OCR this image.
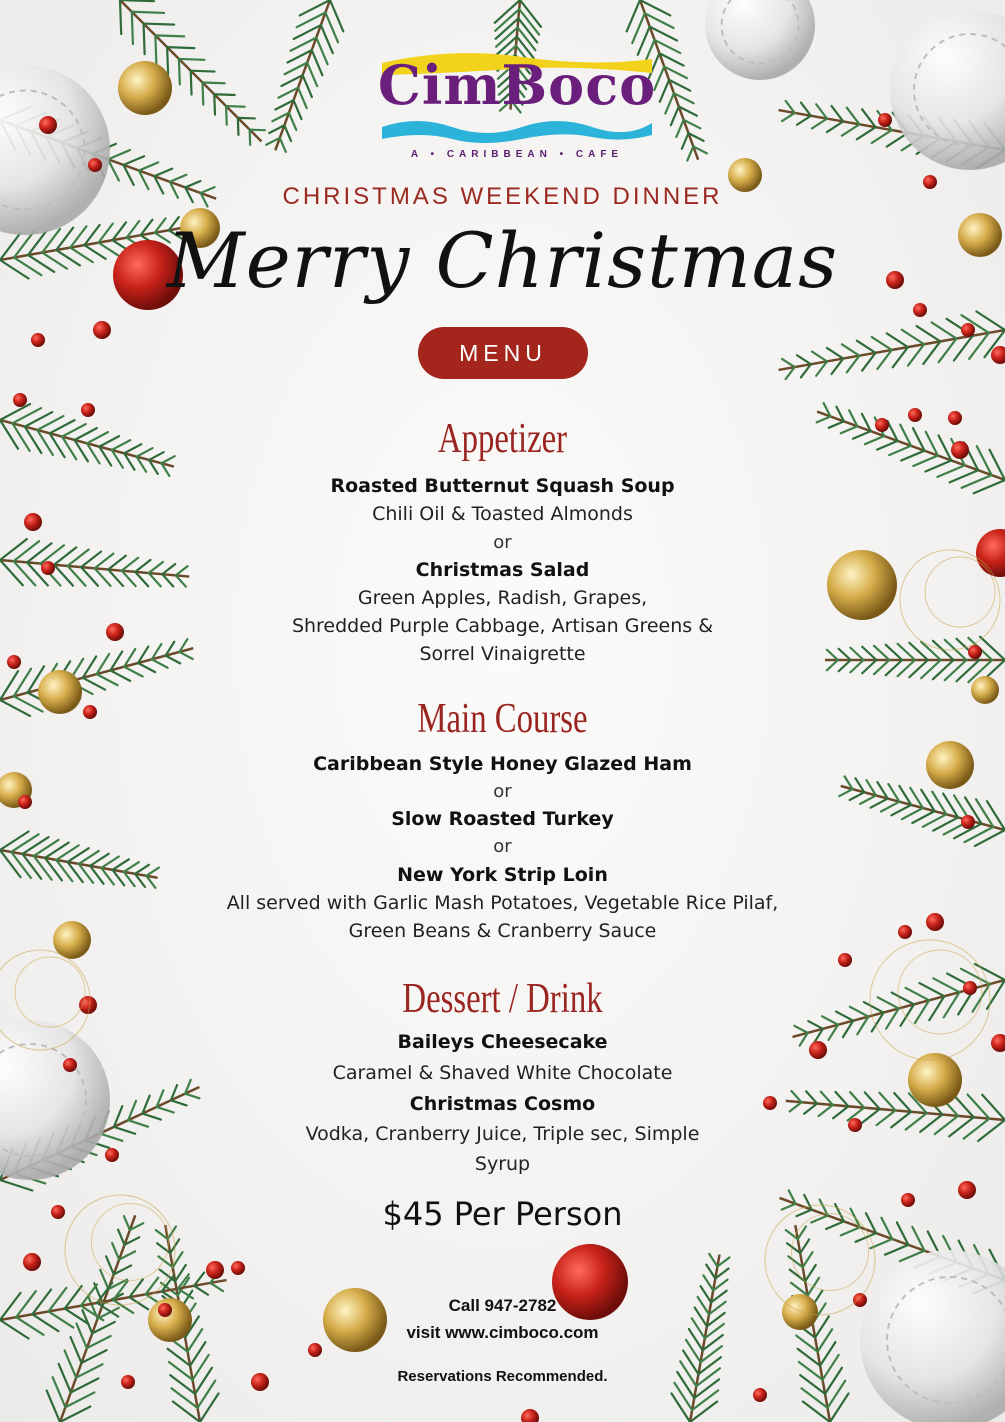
CimBoco
A • CARIBBEAN • CAFE
CHRISTMAS WEEKEND DINNER
Merry Christmas
MENU
Appetizer
Roasted Butternut Squash Soup
Chili Oil & Toasted Almonds
or
Christmas Salad
Green Apples, Radish, Grapes,
Shredded Purple Cabbage, Artisan Greens &
Sorrel Vinaigrette
Main Course
Caribbean Style Honey Glazed Ham
or
Slow Roasted Turkey
or
New York Strip Loin
All served with Garlic Mash Potatoes, Vegetable Rice Pilaf,
Green Beans & Cranberry Sauce
Dessert / Drink
Baileys Cheesecake
Caramel & Shaved White Chocolate
Christmas Cosmo
Vodka, Cranberry Juice, Triple sec, Simple
Syrup
$45 Per Person
Call 947-2782
visit www.cimboco.com
Reservations Recommended.
